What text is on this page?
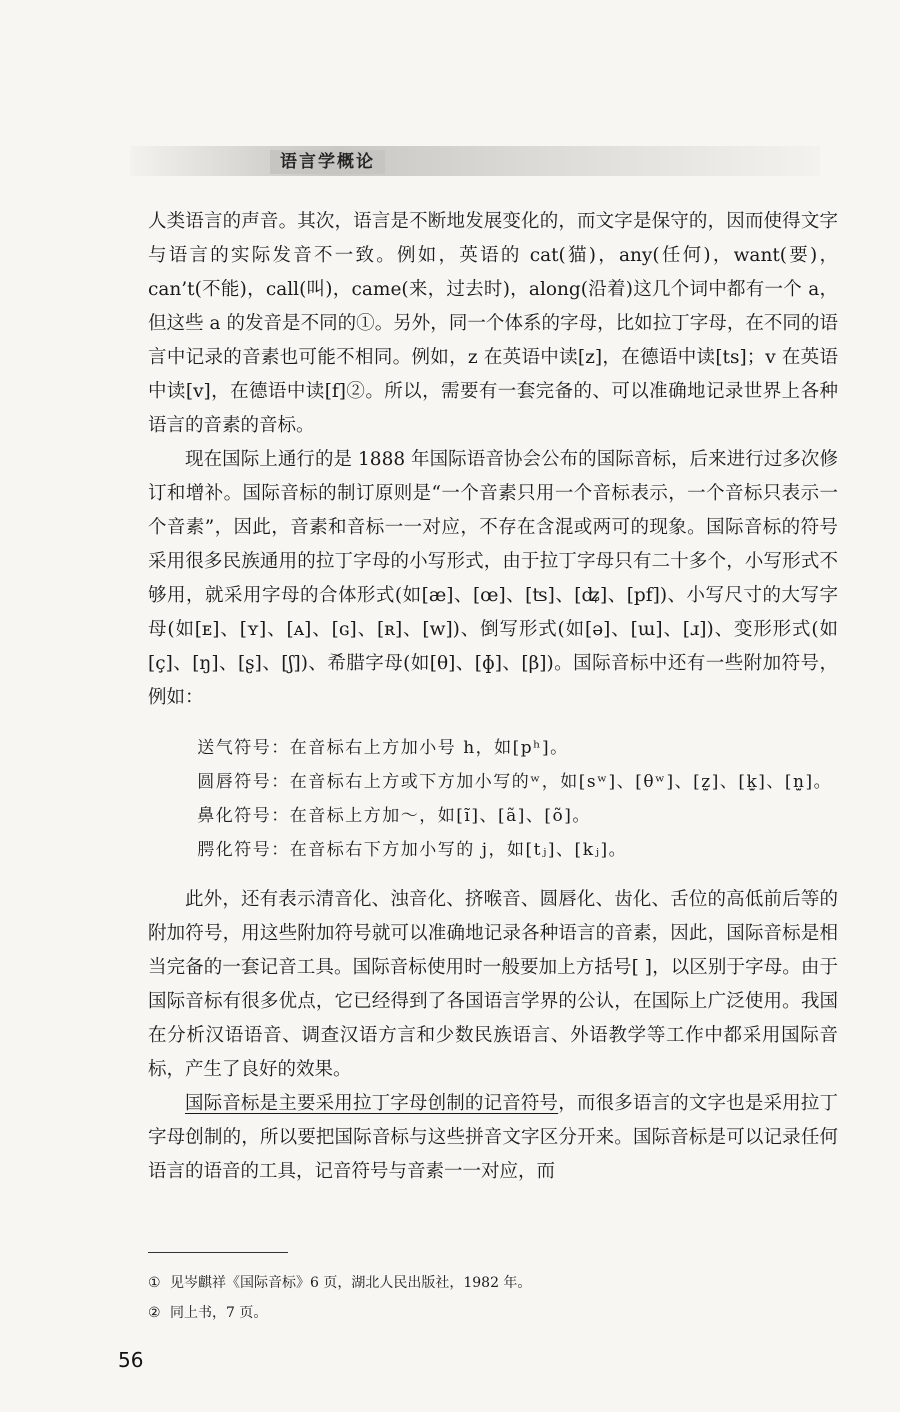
语言学概论

人类语言的声音。其次，语言是不断地发展变化的，而文字是保守的，因而使得文字与语言的实际发音不一致。例如，英语的 cat(猫)，any(任何)，want(要)，can’t(不能)，call(叫)，came(来，过去时)，along(沿着)这几个词中都有一个 a，但这些 a 的发音是不同的①。另外，同一个体系的字母，比如拉丁字母，在不同的语言中记录的音素也可能不相同。例如，z 在英语中读[z]，在德语中读[ts]；v 在英语中读[v]，在德语中读[f]②。所以，需要有一套完备的、可以准确地记录世界上各种语言的音素的音标。

现在国际上通行的是 1888 年国际语音协会公布的国际音标，后来进行过多次修订和增补。国际音标的制订原则是“一个音素只用一个音标表示，一个音标只表示一个音素”，因此，音素和音标一一对应，不存在含混或两可的现象。国际音标的符号采用很多民族通用的拉丁字母的小写形式，由于拉丁字母只有二十多个，小写形式不够用，就采用字母的合体形式(如[æ]、[œ]、[ʦ]、[ʥ]、[pf])、小写尺寸的大写字母(如[ᴇ]、[ʏ]、[ᴀ]、[ɢ]、[ʀ]、[ᴡ])、倒写形式(如[ə]、[ɯ]、[ɹ])、变形形式(如[ç]、[ŋ]、[ʂ]、[ʃ])、希腊字母(如[θ]、[ɸ]、[β])。国际音标中还有一些附加符号，例如：

送气符号：在音标右上方加小号 h，如[pʰ]。

圆唇符号：在音标右上方或下方加小写的ʷ，如[sʷ]、[θʷ]、[z̫]、[k̫]、[n̫]。

鼻化符号：在音标上方加～，如[ĩ]、[ã]、[õ]。

腭化符号：在音标右下方加小写的 j，如[tⱼ]、[kⱼ]。

此外，还有表示清音化、浊音化、挤喉音、圆唇化、齿化、舌位的高低前后等的附加符号，用这些附加符号就可以准确地记录各种语言的音素，因此，国际音标是相当完备的一套记音工具。国际音标使用时一般要加上方括号[ ]，以区别于字母。由于国际音标有很多优点，它已经得到了各国语言学界的公认，在国际上广泛使用。我国在分析汉语语音、调查汉语方言和少数民族语言、外语教学等工作中都采用国际音标，产生了良好的效果。

国际音标是主要采用拉丁字母创制的记音符号，而很多语言的文字也是采用拉丁字母创制的，所以要把国际音标与这些拼音文字区分开来。国际音标是可以记录任何语言的语音的工具，记音符号与音素一一对应，而

① 见岑麒祥《国际音标》6 页，湖北人民出版社，1982 年。

② 同上书，7 页。

56
